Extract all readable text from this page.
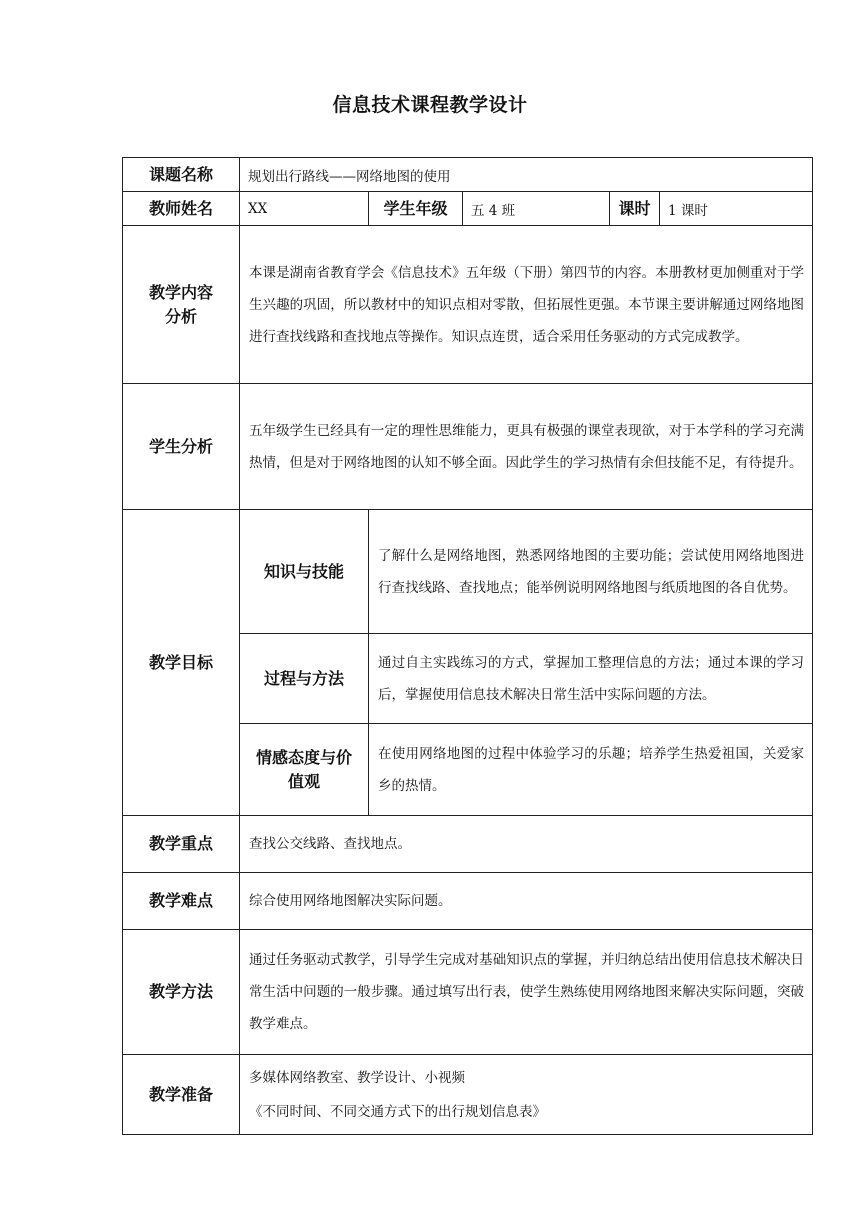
信息技术课程教学设计
课题名称	规划出行路线——网络地图的使用				
教师姓名	XX	学生年级	五 4 班	课时	1 课时
教学内容分析	本课是湖南省教育学会《信息技术》五年级（下册）第四节的内容。本册教材更加侧重对于学生兴趣的巩固，所以教材中的知识点相对零散，但拓展性更强。本节课主要讲解通过网络地图进行查找线路和查找地点等操作。知识点连贯，适合采用任务驱动的方式完成教学。				
学生分析	五年级学生已经具有一定的理性思维能力，更具有极强的课堂表现欲，对于本学科的学习充满热情，但是对于网络地图的认知不够全面。因此学生的学习热情有余但技能不足，有待提升。				
教学目标	知识与技能	了解什么是网络地图，熟悉网络地图的主要功能；尝试使用网络地图进行查找线路、查找地点；能举例说明网络地图与纸质地图的各自优势。			
	过程与方法	通过自主实践练习的方式，掌握加工整理信息的方法；通过本课的学习后，掌握使用信息技术解决日常生活中实际问题的方法。			
	情感态度与价值观	在使用网络地图的过程中体验学习的乐趣；培养学生热爱祖国，关爱家乡的热情。			
教学重点	查找公交线路、查找地点。				
教学难点	综合使用网络地图解决实际问题。				
教学方法	通过任务驱动式教学，引导学生完成对基础知识点的掌握，并归纳总结出使用信息技术解决日常生活中问题的一般步骤。通过填写出行表，使学生熟练使用网络地图来解决实际问题，突破教学难点。				
教学准备	多媒体网络教室、教学设计、小视频

《不同时间、不同交通方式下的出行规划信息表》				
